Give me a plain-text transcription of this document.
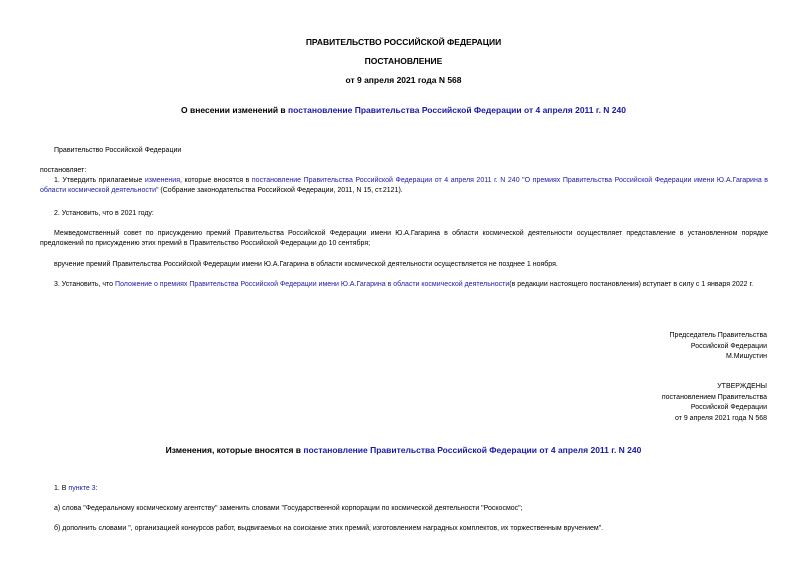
ПРАВИТЕЛЬСТВО РОССИЙСКОЙ ФЕДЕРАЦИИ
ПОСТАНОВЛЕНИЕ
от 9 апреля 2021 года N 568
О внесении изменений в постановление Правительства Российской Федерации от 4 апреля 2011 г. N 240
Правительство Российской Федерации
постановляет:
1. Утвердить прилагаемые изменения, которые вносятся в постановление Правительства Российской Федерации от 4 апреля 2011 г. N 240 "О премиях Правительства Российской Федерации имени Ю.А.Гагарина в области космической деятельности" (Собрание законодательства Российской Федерации, 2011, N 15, ст.2121).
2. Установить, что в 2021 году:
Межведомственный совет по присуждению премий Правительства Российской Федерации имени Ю.А.Гагарина в области космической деятельности осуществляет представление в установленном порядке предложений по присуждению этих премий в Правительство Российской Федерации до 10 сентября;
вручение премий Правительства Российской Федерации имени Ю.А.Гагарина в области космической деятельности осуществляется не позднее 1 ноября.
3. Установить, что Положение о премиях Правительства Российской Федерации имени Ю.А.Гагарина в области космической деятельности(в редакции настоящего постановления) вступает в силу с 1 января 2022 г.
Председатель Правительства
Российской Федерации
М.Мишустин
УТВЕРЖДЕНЫ
постановлением Правительства
Российской Федерации
от 9 апреля 2021 года N 568
Изменения, которые вносятся в постановление Правительства Российской Федерации от 4 апреля 2011 г. N 240
1. В пункте 3:
а) слова "Федеральному космическому агентству" заменить словами "Государственной корпорации по космической деятельности "Роскосмос";
б) дополнить словами ", организацией конкурсов работ, выдвигаемых на соискание этих премий, изготовлением наградных комплектов, их торжественным вручением".
